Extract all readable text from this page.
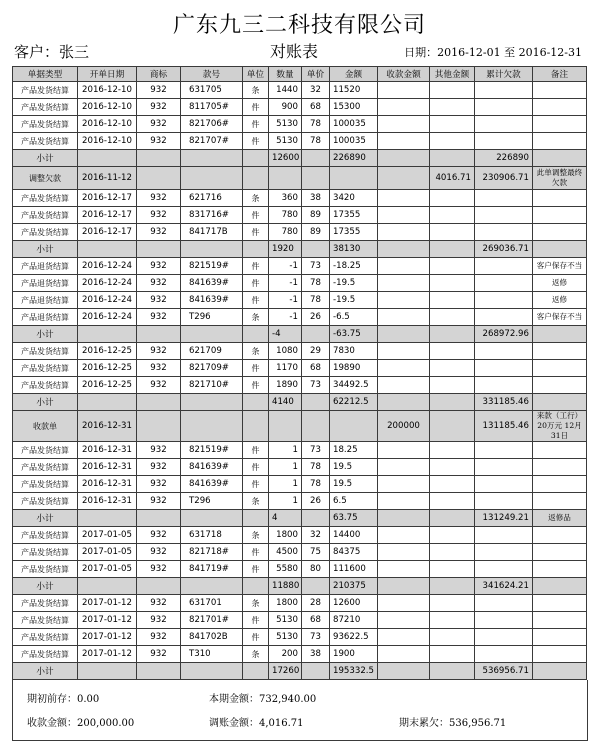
广东九三二科技有限公司
客户：张三	对账表	日期：2016-12-01 至 2016-12-31
单据类型	开单日期	商标	款号	单位	数量	单价	金额	收款金额	其他金额	累计欠款	备注
产品发货结算	2016-12-10	932	631705	条	1440	32	11520				
产品发货结算	2016-12-10	932	811705#	件	900	68	15300				
产品发货结算	2016-12-10	932	821706#	件	5130	78	100035				
产品发货结算	2016-12-10	932	821707#	件	5130	78	100035				
小计					12600		226890			226890	
调整欠款	2016-11-12								4016.71	230906.71	此单调整最终欠款
产品发货结算	2016-12-17	932	621716	条	360	38	3420				
产品发货结算	2016-12-17	932	831716#	件	780	89	17355				
产品发货结算	2016-12-17	932	841717B	件	780	89	17355				
小计					1920		38130			269036.71	
产品退货结算	2016-12-24	932	821519#	件	-1	73	-18.25				客户保存不当
产品退货结算	2016-12-24	932	841639#	件	-1	78	-19.5				返修
产品退货结算	2016-12-24	932	841639#	件	-1	78	-19.5				返修
产品退货结算	2016-12-24	932	T296	条	-1	26	-6.5				客户保存不当
小计					-4		-63.75			268972.96	
产品发货结算	2016-12-25	932	621709	条	1080	29	7830				
产品发货结算	2016-12-25	932	821709#	件	1170	68	19890				
产品发货结算	2016-12-25	932	821710#	件	1890	73	34492.5				
小计					4140		62212.5			331185.46	
收款单	2016-12-31							200000		131185.46	来款（工行）20万元 12月31日
产品发货结算	2016-12-31	932	821519#	件	1	73	18.25				
产品发货结算	2016-12-31	932	841639#	件	1	78	19.5				
产品发货结算	2016-12-31	932	841639#	件	1	78	19.5				
产品发货结算	2016-12-31	932	T296	条	1	26	6.5				
小计					4		63.75			131249.21	返修品
产品发货结算	2017-01-05	932	631718	条	1800	32	14400				
产品发货结算	2017-01-05	932	821718#	件	4500	75	84375				
产品发货结算	2017-01-05	932	841719#	件	5580	80	111600				
小计					11880		210375			341624.21	
产品发货结算	2017-01-12	932	631701	条	1800	28	12600				
产品发货结算	2017-01-12	932	821701#	件	5130	68	87210				
产品发货结算	2017-01-12	932	841702B	件	5130	73	93622.5				
产品发货结算	2017-01-12	932	T310	条	200	38	1900				
小计					17260		195332.5			536956.71	
期初前存：0.00	本期金额：732,940.00
收款金额：200,000.00	调账金额：4,016.71	期末累欠：536,956.71
